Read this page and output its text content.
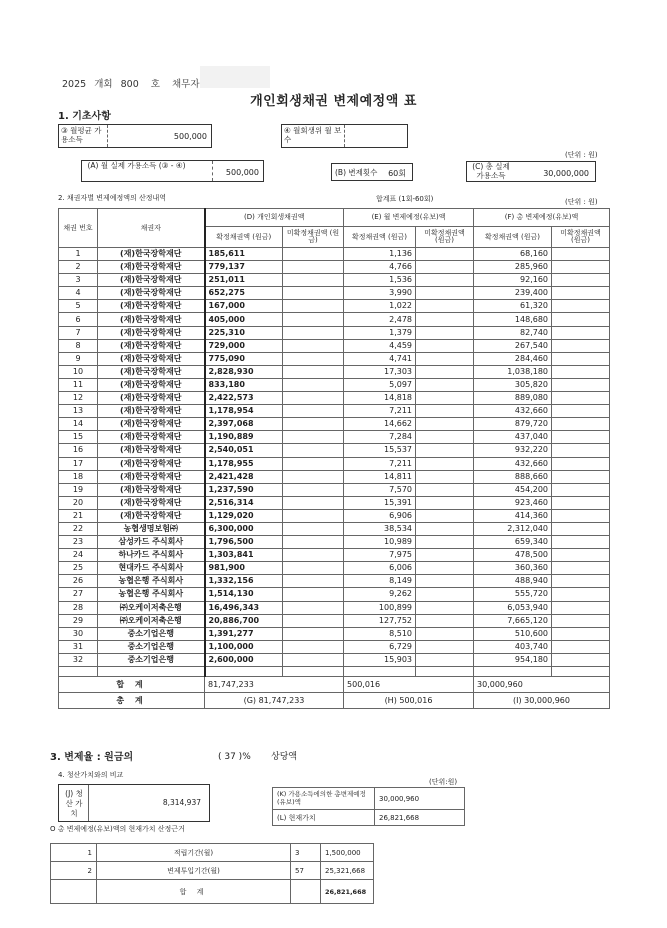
2025 개회 800 호 채무자
개인회생채권 변제예정액 표
1. 기초사항
③ 월평균 가용소득	500,000
④ 월회생위 월 보수
(단위 : 원)
(A) 월 실제 가용소득 (③ - ④)
500,000	(B) 변제횟수 60회
(C) 총 실제 가용소득	30,000,000
2. 채권자별 변제예정액의 산정내역	합계표 (1회-60회)	(단위 : 원)
채권 번호	채권자	(D) 개인회생채권액		(E) 월 변제예정(유보)액		(F) 총 변제예정(유보)액	
		확정채권액 (원금)	미확정채권액 (원금)	확정채권액 (원금)	미확정채권액 (원금)	확정채권액 (원금)	미확정채권액 (원금)
1	(재)한국장학재단	185,611		1,136		68,160	
2	(재)한국장학재단	779,137		4,766		285,960	
3	(재)한국장학재단	251,011		1,536		92,160	
4	(재)한국장학재단	652,275		3,990		239,400	
5	(재)한국장학재단	167,000		1,022		61,320	
6	(재)한국장학재단	405,000		2,478		148,680	
7	(재)한국장학재단	225,310		1,379		82,740	
8	(재)한국장학재단	729,000		4,459		267,540	
9	(재)한국장학재단	775,090		4,741		284,460	
10	(재)한국장학재단	2,828,930		17,303		1,038,180	
11	(재)한국장학재단	833,180		5,097		305,820	
12	(재)한국장학재단	2,422,573		14,818		889,080	
13	(재)한국장학재단	1,178,954		7,211		432,660	
14	(재)한국장학재단	2,397,068		14,662		879,720	
15	(재)한국장학재단	1,190,889		7,284		437,040	
16	(재)한국장학재단	2,540,051		15,537		932,220	
17	(재)한국장학재단	1,178,955		7,211		432,660	
18	(재)한국장학재단	2,421,428		14,811		888,660	
19	(재)한국장학재단	1,237,590		7,570		454,200	
20	(재)한국장학재단	2,516,314		15,391		923,460	
21	(재)한국장학재단	1,129,020		6,906		414,360	
22	농협생명보험㈜	6,300,000		38,534		2,312,040	
23	삼성카드 주식회사	1,796,500		10,989		659,340	
24	하나카드 주식회사	1,303,841		7,975		478,500	
25	현대카드 주식회사	981,900		6,006		360,360	
26	농협은행 주식회사	1,332,156		8,149		488,940	
27	농협은행 주식회사	1,514,130		9,262		555,720	
28	㈜오케이저축은행	16,496,343		100,899		6,053,940	
29	㈜오케이저축은행	20,886,700		127,752		7,665,120	
30	중소기업은행	1,391,277		8,510		510,600	
31	중소기업은행	1,100,000		6,729		403,740	
32	중소기업은행	2,600,000		15,903		954,180	

합 계		81,747,233		500,016		30,000,960	
총 계		(G) 81,747,233		(H) 500,016		(I) 30,000,960	
3. 변제율 : 원금의	( 37 )% 상당액
4. 청산가치와의 비교
(단위:원)
(J) 청산 가치
8,314,937
(K) 가용소득에의한 총변제예정(유보)액	30,000,960
(L) 현재가치	26,821,668
O 총 변제예정(유보)액의 현재가치 산정근거
1	적립기간(월)	3	1,500,000
2	변제투입기간(월)	57	25,321,668
	합 계		26,821,668
